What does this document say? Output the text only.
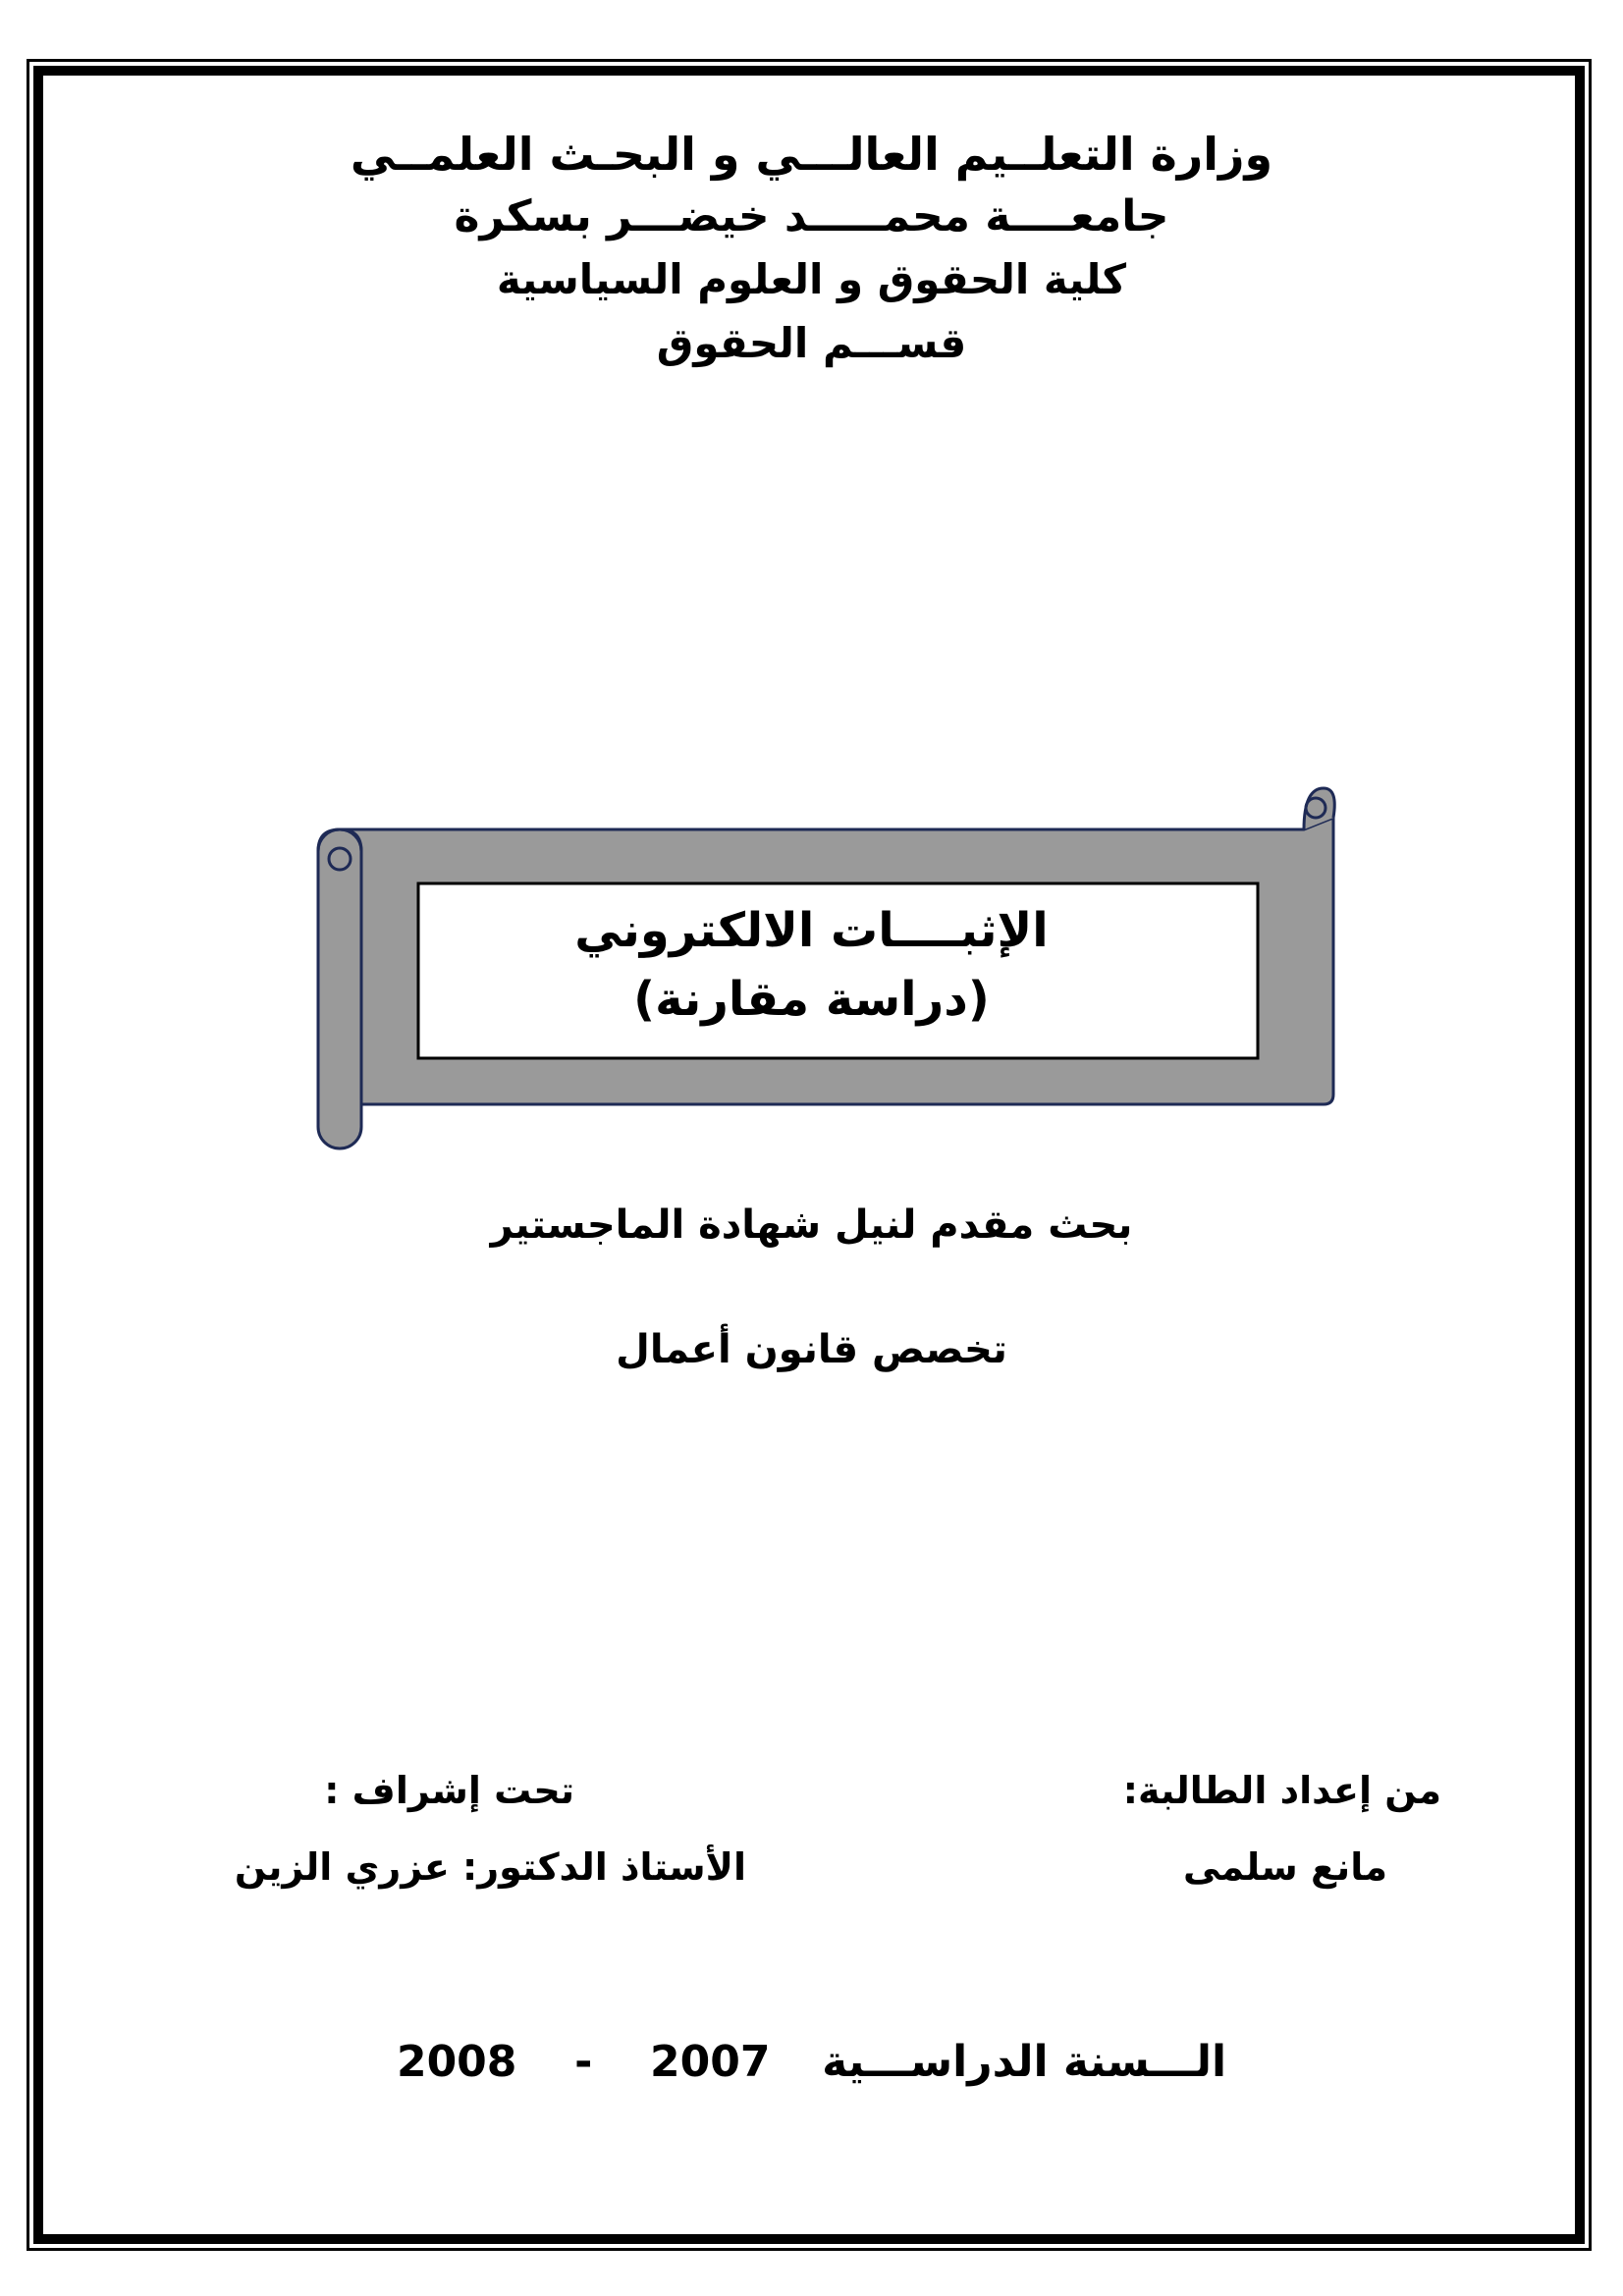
وزارة التعلــيم العالـــي و البحـث العلمــي
جامعــــة محمـــــد خيضـــر بسكرة
كلية الحقوق و العلوم السياسية
قســـم الحقوق
الإثبــــات الالكتروني
(دراسة مقارنة)
بحث مقدم لنيل شهادة الماجستير
تخصص قانون أعمال
من إعداد الطالبة:
مانع سلمى
تحت إشراف :
الأستاذ الدكتور: عزري الزين
2008 - 2007 الـــسنة الدراســـية
